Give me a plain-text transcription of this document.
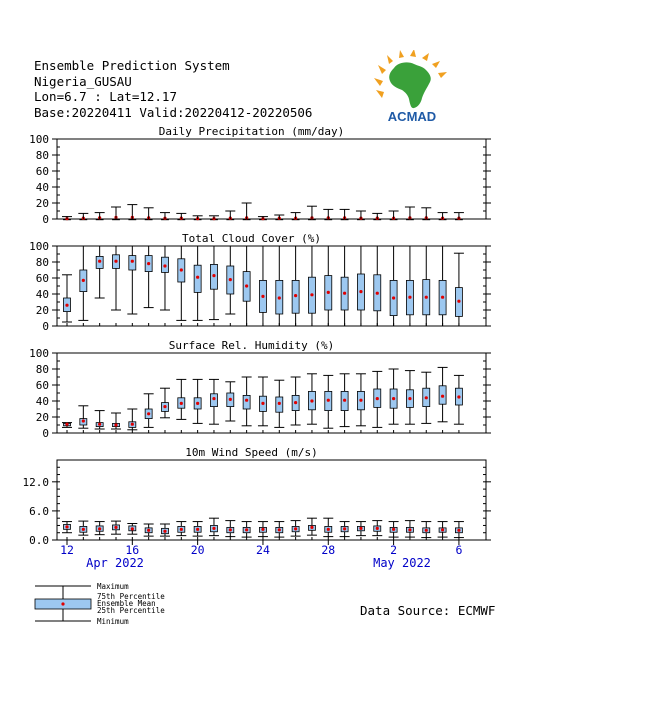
Ensemble Prediction System
Nigeria_GUSAU
Lon=6.7 : Lat=12.17
Base:20220411 Valid:20220412-20220506	ACMAD
Daily Precipitation (mm/day)
0
20
40
60
80
100
Total Cloud Cover (%)
0
20
40
60
80
100
Surface Rel. Humidity (%)
0
20
40
60
80
100
10m Wind Speed (m/s)
0.0
6.0
12.0
12	16	20	24	28	2	6
Apr 2022	May 2022
Maximum
75th Percentile
Ensemble Mean
25th Percentile
Minimum
Data Source: ECMWF
